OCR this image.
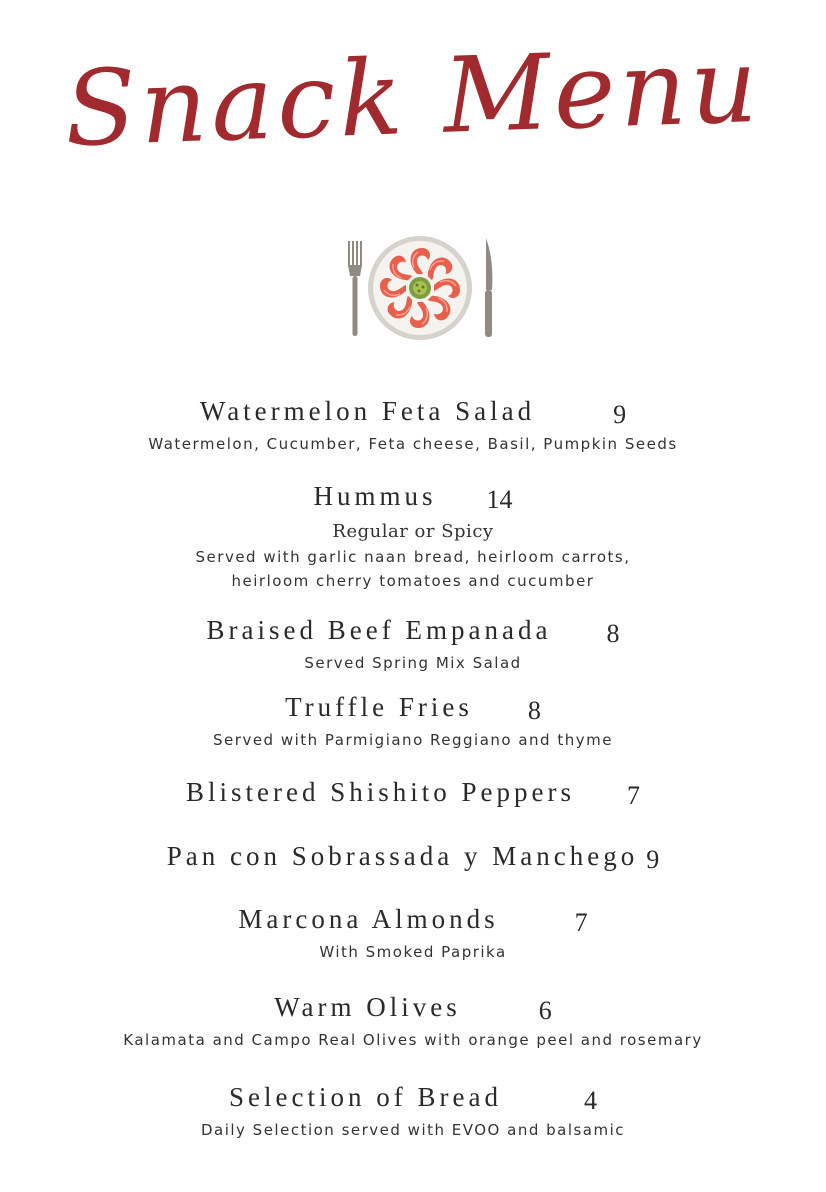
Snack Menu
Watermelon Feta Salad	9
Watermelon, Cucumber, Feta cheese, Basil, Pumpkin Seeds
Hummus 14
Regular or Spicy
Served with garlic naan bread, heirloom carrots,
heirloom cherry tomatoes and cucumber
Braised Beef Empanada 8
Served Spring Mix Salad
Truffle Fries 8
Served with Parmigiano Reggiano and thyme
Blistered Shishito Peppers 7
Pan con Sobrassada y Manchego 9
Marcona Almonds	7
With Smoked Paprika
Warm Olives	6
Kalamata and Campo Real Olives with orange peel and rosemary
Selection of Bread	4
Daily Selection served with EVOO and balsamic
